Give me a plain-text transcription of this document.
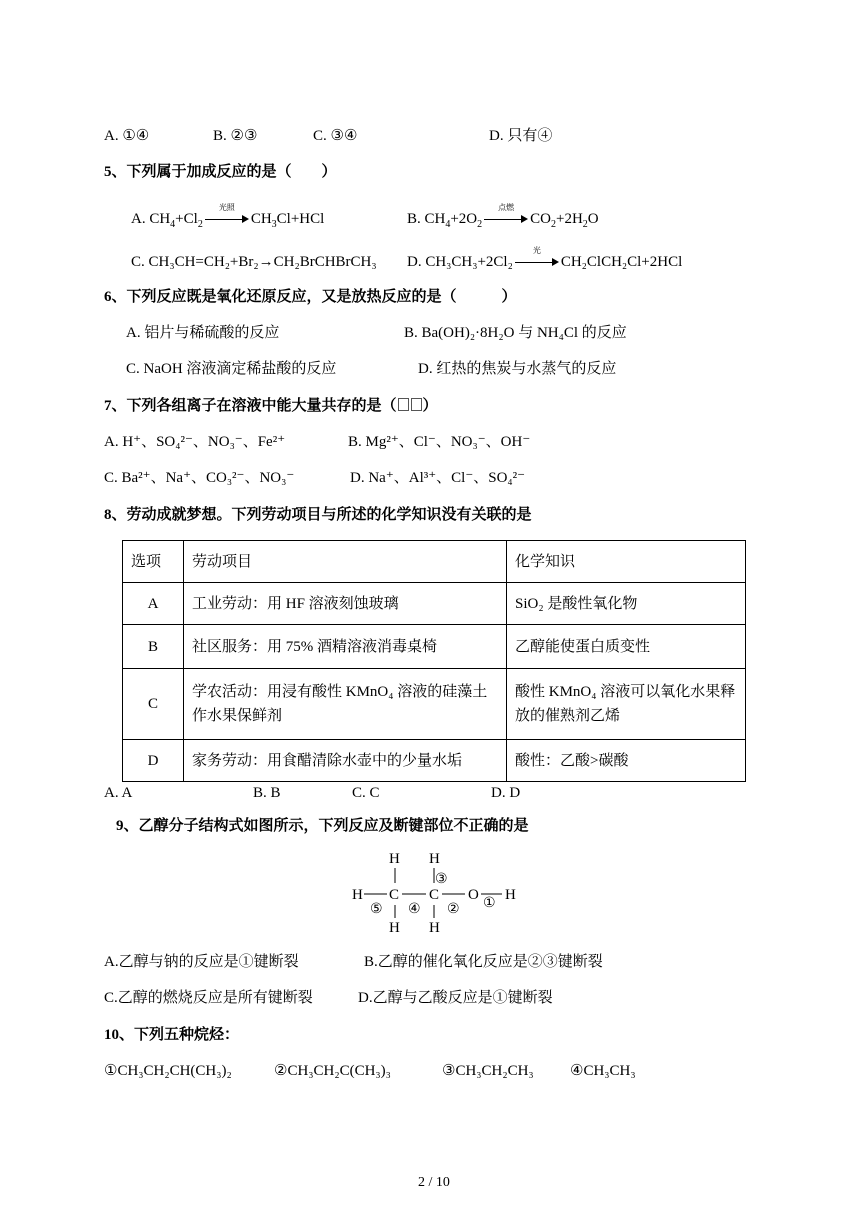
A. ①④	B. ②③	C. ③④	D. 只有④
5、下列属于加成反应的是（　　）
A. $CH_4+Cl_2$
光照
$CH_3Cl+HCl$	B. $CH_4+2O_2$
点燃
$CO_2+2H_2O$
C. CH₃CH=CH₂+Br₂→CH₂BrCHBrCH₃ D. CH₃CH₃+2Cl₂
光
CH₂ClCH₂Cl+2HCl
6、下列反应既是氧化还原反应，又是放热反应的是（　　　）
A. 铝片与稀硫酸的反应	B. Ba(OH)₂·8H₂O 与 NH₄Cl 的反应
C. NaOH 溶液滴定稀盐酸的反应	D. 红热的焦炭与水蒸气的反应
7、下列各组离子在溶液中能大量共存的是（ ）
A. H⁺、SO₄²⁻、NO₃⁻、Fe²⁺	B. Mg²⁺、Cl⁻、NO₃⁻、OH⁻
C. Ba²⁺、Na⁺、CO₃²⁻、NO₃⁻	D. Na⁺、Al³⁺、Cl⁻、SO₄²⁻
8、劳动成就梦想。下列劳动项目与所述的化学知识没有关联的是
选项	劳动项目	化学知识
A	工业劳动：用 HF 溶液刻蚀玻璃	SiO₂ 是酸性氧化物
B	社区服务：用 75% 酒精溶液消毒桌椅	乙醇能使蛋白质变性
C	学农活动：用浸有酸性 KMnO₄ 溶液的硅藻土作水果保鲜剂	酸性 KMnO₄ 溶液可以氧化水果释放的催熟剂乙烯
D	家务劳动：用食醋清除水壶中的少量水垢	酸性：乙酸>碳酸
A. A	B. B	C. C	D. D
9、乙醇分子结构式如图所示，下列反应及断键部位不正确的是
H H
H C C O H
H H
③
⑤ ④ ② ①
A.乙醇与钠的反应是①键断裂	B.乙醇的催化氧化反应是②③键断裂
C.乙醇的燃烧反应是所有键断裂	D.乙醇与乙酸反应是①键断裂
10、下列五种烷烃：
①CH₃CH₂CH(CH₃)₂	②CH₃CH₂C(CH₃)₃	③CH₃CH₂CH₃ ④CH₃CH₃
2 / 10
